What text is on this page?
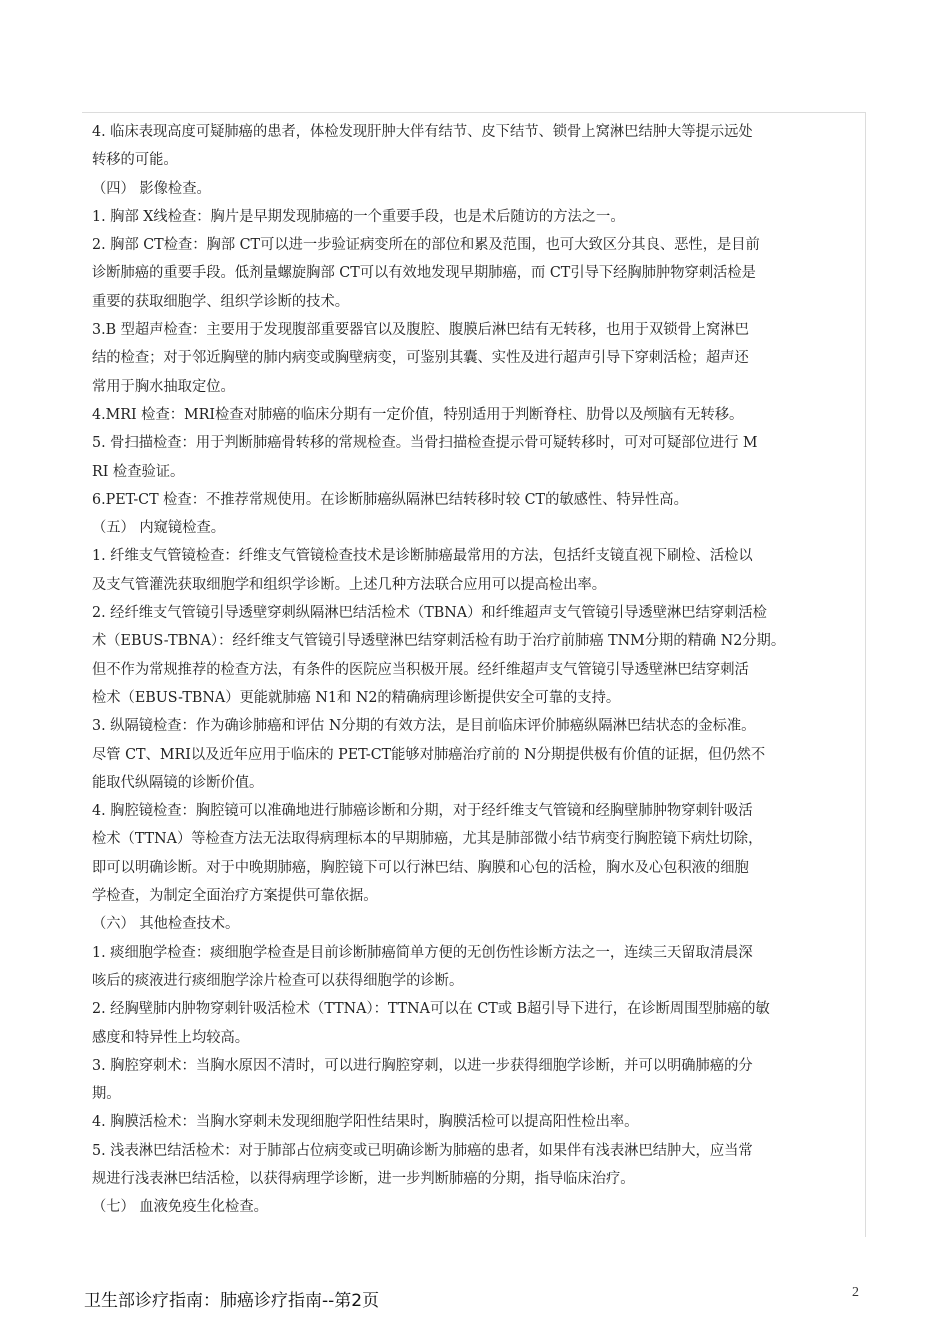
4. 临床表现高度可疑肺癌的患者，体检发现肝肿大伴有结节、皮下结节、锁骨上窝淋巴结肿大等提示远处
转移的可能。
（四） 影像检查。
1. 胸部 X线检查：胸片是早期发现肺癌的一个重要手段，也是术后随访的方法之一。
2. 胸部 CT检查：胸部 CT可以进一步验证病变所在的部位和累及范围，也可大致区分其良、恶性，是目前
诊断肺癌的重要手段。低剂量螺旋胸部 CT可以有效地发现早期肺癌，而 CT引导下经胸肺肿物穿刺活检是
重要的获取细胞学、组织学诊断的技术。
3.B 型超声检查：主要用于发现腹部重要器官以及腹腔、腹膜后淋巴结有无转移，也用于双锁骨上窝淋巴
结的检查；对于邻近胸壁的肺内病变或胸壁病变，可鉴别其囊、实性及进行超声引导下穿刺活检；超声还
常用于胸水抽取定位。
4.MRI 检查：MRI检查对肺癌的临床分期有一定价值，特别适用于判断脊柱、肋骨以及颅脑有无转移。
5. 骨扫描检查：用于判断肺癌骨转移的常规检查。当骨扫描检查提示骨可疑转移时，可对可疑部位进行 M
RI 检查验证。
6.PET-CT 检查：不推荐常规使用。在诊断肺癌纵隔淋巴结转移时较 CT的敏感性、特异性高。
（五） 内窥镜检查。
1. 纤维支气管镜检查：纤维支气管镜检查技术是诊断肺癌最常用的方法，包括纤支镜直视下刷检、活检以
及支气管灌洗获取细胞学和组织学诊断。上述几种方法联合应用可以提高检出率。
2. 经纤维支气管镜引导透壁穿刺纵隔淋巴结活检术（TBNA）和纤维超声支气管镜引导透壁淋巴结穿刺活检
术（EBUS-TBNA）：经纤维支气管镜引导透壁淋巴结穿刺活检有助于治疗前肺癌 TNM分期的精确 N2分期。
但不作为常规推荐的检查方法，有条件的医院应当积极开展。经纤维超声支气管镜引导透壁淋巴结穿刺活
检术（EBUS-TBNA）更能就肺癌 N1和 N2的精确病理诊断提供安全可靠的支持。
3. 纵隔镜检查：作为确诊肺癌和评估 N分期的有效方法，是目前临床评价肺癌纵隔淋巴结状态的金标准。
尽管 CT、MRI以及近年应用于临床的 PET-CT能够对肺癌治疗前的 N分期提供极有价值的证据，但仍然不
能取代纵隔镜的诊断价值。
4. 胸腔镜检查：胸腔镜可以准确地进行肺癌诊断和分期，对于经纤维支气管镜和经胸壁肺肿物穿刺针吸活
检术（TTNA）等检查方法无法取得病理标本的早期肺癌，尤其是肺部微小结节病变行胸腔镜下病灶切除，
即可以明确诊断。对于中晚期肺癌，胸腔镜下可以行淋巴结、胸膜和心包的活检，胸水及心包积液的细胞
学检查，为制定全面治疗方案提供可靠依据。
（六） 其他检查技术。
1. 痰细胞学检查：痰细胞学检查是目前诊断肺癌简单方便的无创伤性诊断方法之一，连续三天留取清晨深
咳后的痰液进行痰细胞学涂片检查可以获得细胞学的诊断。
2. 经胸壁肺内肿物穿刺针吸活检术（TTNA）：TTNA可以在 CT或 B超引导下进行，在诊断周围型肺癌的敏
感度和特异性上均较高。
3. 胸腔穿刺术：当胸水原因不清时，可以进行胸腔穿刺，以进一步获得细胞学诊断，并可以明确肺癌的分
期。
4. 胸膜活检术：当胸水穿刺未发现细胞学阳性结果时，胸膜活检可以提高阳性检出率。
5. 浅表淋巴结活检术：对于肺部占位病变或已明确诊断为肺癌的患者，如果伴有浅表淋巴结肿大，应当常
规进行浅表淋巴结活检，以获得病理学诊断，进一步判断肺癌的分期，指导临床治疗。
（七） 血液免疫生化检查。
卫生部诊疗指南：肺癌诊疗指南--第2页	2
